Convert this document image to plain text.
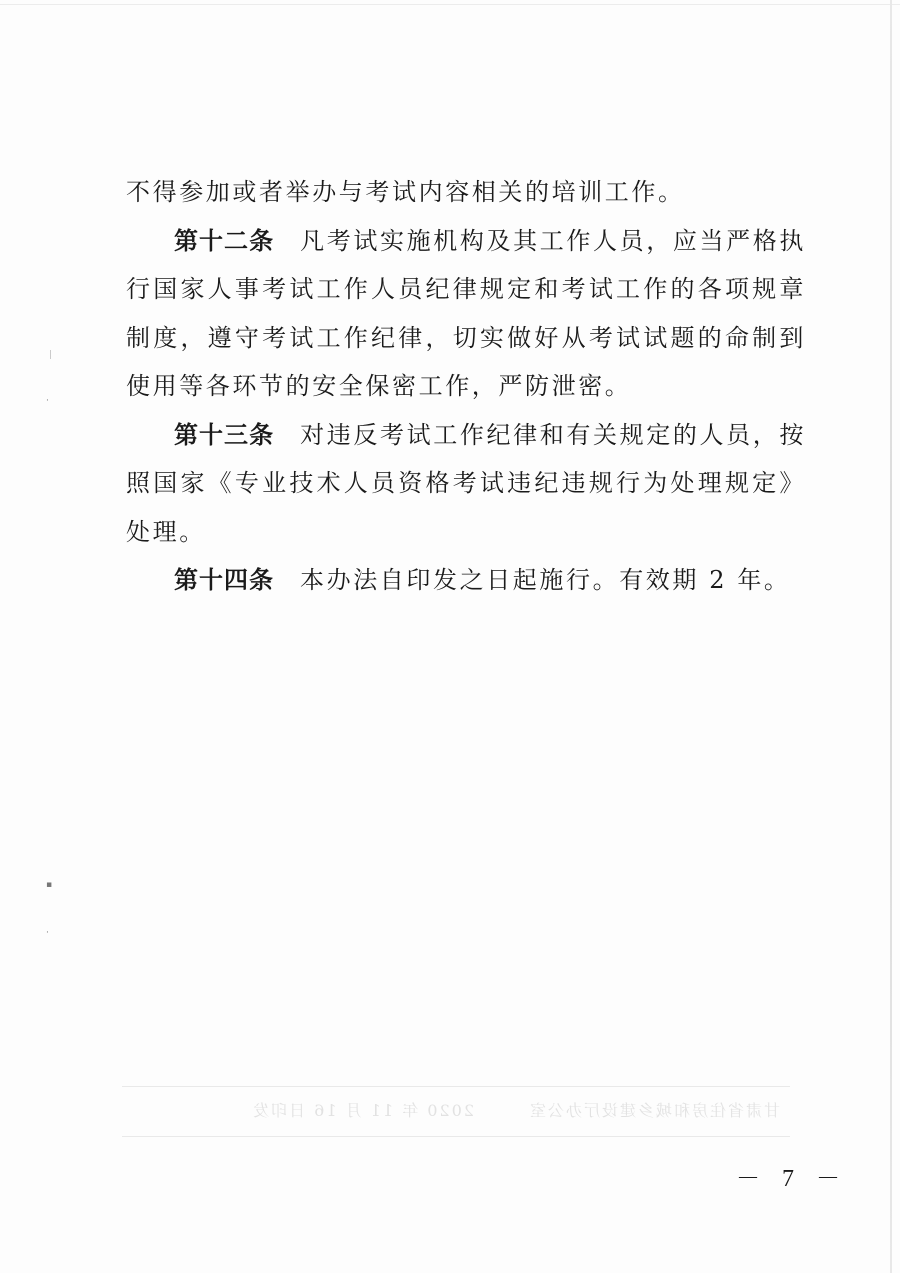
｜
·
▪
·

不得参加或者举办与考试内容相关的培训工作。

第十二条 凡考试实施机构及其工作人员，应当严格执行国家人事考试工作人员纪律规定和考试工作的各项规章制度，遵守考试工作纪律，切实做好从考试试题的命制到使用等各环节的安全保密工作，严防泄密。

第十三条 对违反考试工作纪律和有关规定的人员，按照国家《专业技术人员资格考试违纪违规行为处理规定》处理。

第十四条 本办法自印发之日起施行。有效期 2 年。

甘肃省住房和城乡建设厅办公室　　　2020 年 11 月 16 日印发
－ 7 －
